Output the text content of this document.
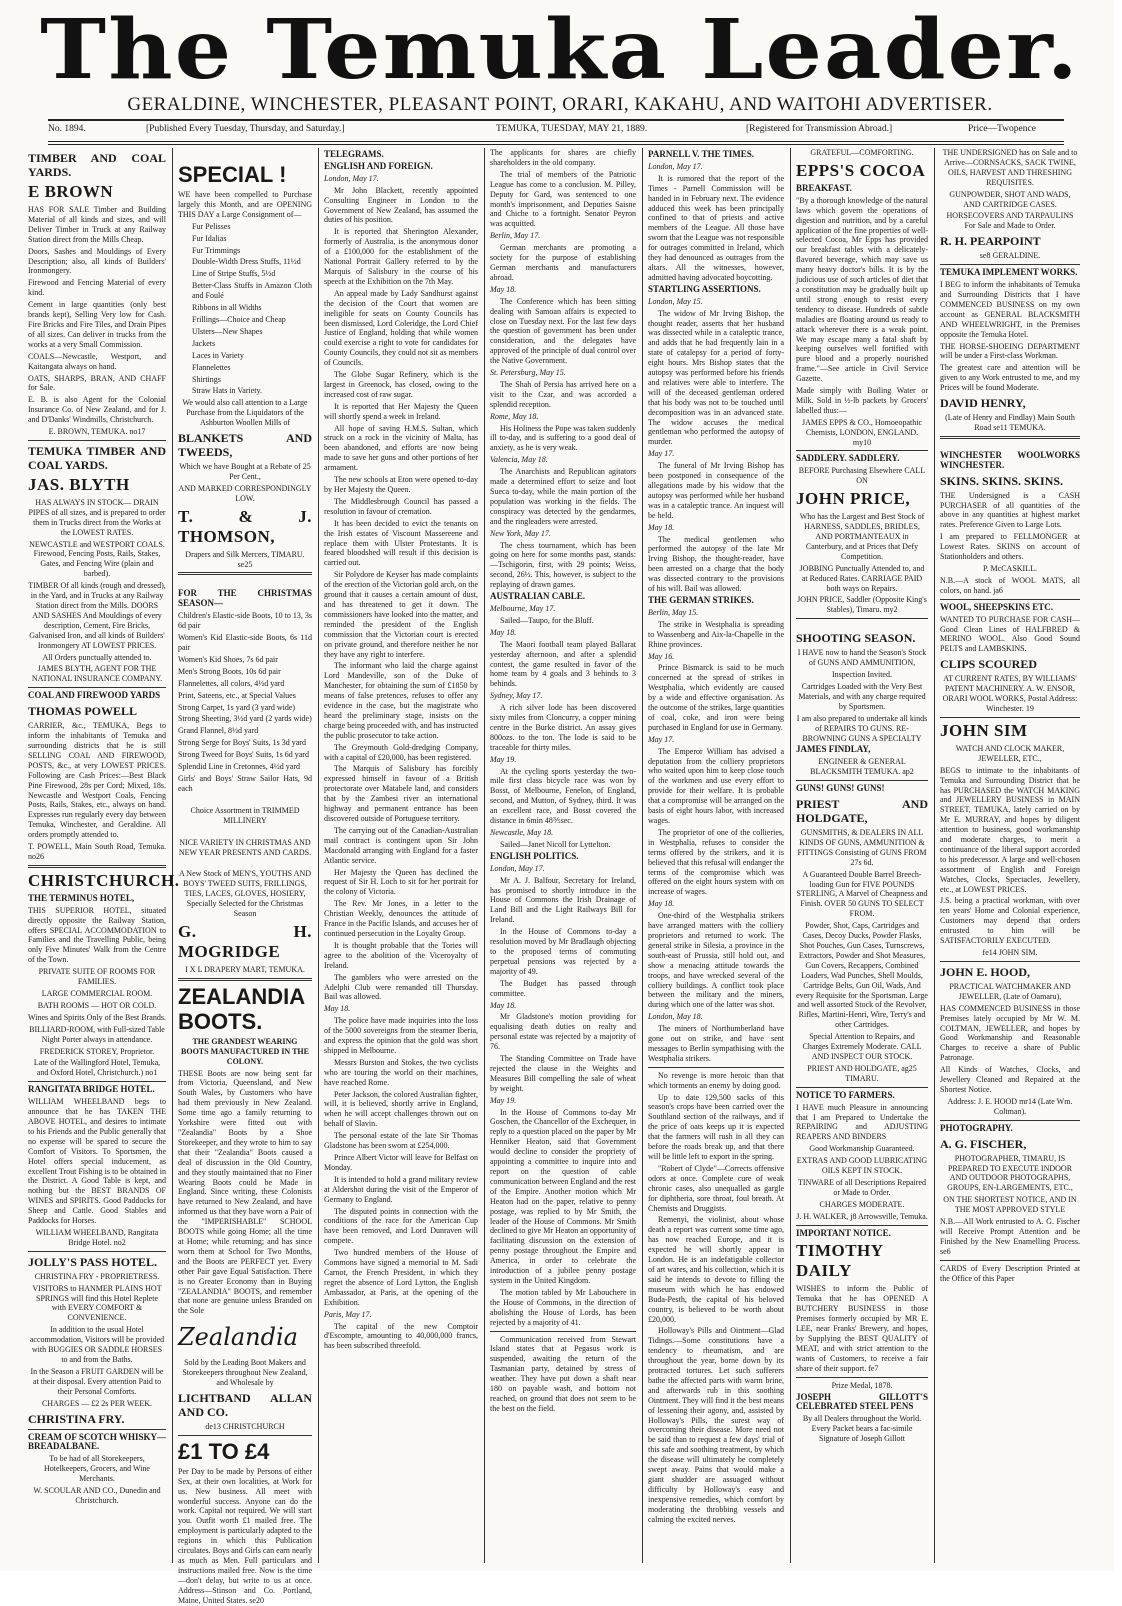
The Temuka Leader.
GERALDINE, WINCHESTER, PLEASANT POINT, ORARI, KAKAHU, AND WAITOHI ADVERTISER.
No. 1894.	[Published Every Tuesday, Thursday, and Saturday.]	TEMUKA, TUESDAY, MAY 21, 1889.	[Registered for Transmission Abroad.]	Price—Twopence

TIMBER AND COAL YARDS.

E BROWN

HAS FOR SALE Timber and Building Material of all kinds and sizes, and will Deliver Timber in Truck at any Railway Station direct from the Mills Cheap.

Doors, Sashes and Mouldings of Every Description; also, all kinds of Builders' Ironmongery.

Firewood and Fencing Material of every kind.

Cement in large quantities (only best brands kept), Selling Very low for Cash. Fire Bricks and Fire Tiles, and Drain Pipes of all sizes. Can deliver in trucks from the works at a very Small Commission.

COALS—Newcastle, Westport, and Kaitangata always on hand.

OATS, SHARPS, BRAN, AND CHAFF for Sale.

E. B. is also Agent for the Colonial Insurance Co. of New Zealand, and for J. and D'Danks' Windmills, Christchurch.

E. BROWN, TEMUKA. no17

TEMUKA TIMBER AND COAL YARDS.

JAS. BLYTH

HAS ALWAYS IN STOCK— DRAIN PIPES of all sizes, and is prepared to order them in Trucks direct from the Works at the LOWEST RATES.

NEWCASTLE and WESTPORT COALS. Firewood, Fencing Posts, Rails, Stakes, Gates, and Fencing Wire (plain and barbed).

TIMBER Of all kinds (rough and dressed), in the Yard, and in Trucks at any Railway Station direct from the Mills. DOORS AND SASHES And Mouldings of every description, Cement, Fire Bricks, Galvanised Iron, and all kinds of Builders' Ironmongery AT LOWEST PRICES.

All Orders punctually attended to.

JAMES BLYTH, AGENT FOR THE NATIONAL INSURANCE COMPANY.

COAL AND FIREWOOD YARDS

THOMAS POWELL

CARRIER, &c., TEMUKA, Begs to inform the inhabitants of Temuka and surrounding districts that he is still SELLING COAL AND FIREWOOD, POSTS, &c., at very LOWEST PRICES. Following are Cash Prices:—Best Black Pine Firewood, 28s per Cord; Mixed, 18s. Newcastle and Westport Coals, Fencing Posts, Rails, Stakes, etc., always on hand. Expresses run regularly every day between Temuka, Winchester, and Geraldine. All orders promptly attended to.

T. POWELL, Main South Road, Temuka. no26

CHRISTCHURCH.

THE TERMINUS HOTEL,

THIS SUPERIOR HOTEL, situated directly opposite the Railway Station, offers SPECIAL ACCOMMODATION to Families and the Travelling Public, being only Five Minutes' Walk from the Centre of the Town.

PRIVATE SUITE OF ROOMS FOR FAMILIES.

LARGE COMMERCIAL ROOM.

BATH ROOMS — HOT OR COLD.

Wines and Spirits Only of the Best Brands.

BILLIARD-ROOM, with Full-sized Table Night Porter always in attendance.

FREDERICK STOREY, Proprietor.

Late of the Wallingford Hotel, Temuka, and Oxford Hotel, Christchurch.) no1

RANGITATA BRIDGE HOTEL.

WILLIAM WHEELBAND begs to announce that he has TAKEN THE ABOVE HOTEL, and desires to intimate to his Friends and the Public generally that no expense will be spared to secure the Comfort of Visitors. To Sportsmen, the Hotel offers special inducement, as excellent Trout Fishing is to be obtained in the District. A Good Table is kept, and nothing but the BEST BRANDS OF WINES and SPIRITS. Good Paddocks for Sheep and Cattle. Good Stables and Paddocks for Horses.

WILLIAM WHEELBAND, Rangitata Bridge Hotel. no2

JOLLY'S PASS HOTEL.

CHRISTINA FRY - PROPRIETRESS.

VISITORS to HANMER PLAINS HOT SPRINGS will find this Hotel Replete with EVERY COMFORT & CONVENIENCE.

In addition to the usual Hotel accommodation, Visitors will be provided with BUGGIES OR SADDLE HORSES to and from the Baths.

In the Season a FRUIT GARDEN will be at their disposal. Every attention Paid to their Personal Comforts.

CHARGES — £2 2s PER WEEK.

CHRISTINA FRY.

CREAM OF SCOTCH WHISKY—BREADALBANE.

To be had of all Storekeepers, Hotelkeepers, Grocers, and Wine Merchants.

W. SCOULAR AND CO., Dunedin and Christchurch.

SPECIAL !

WE have been compelled to Purchase largely this Month, and are OPENING THIS DAY a Large Consignment of—

Fur Pelisses

Fur Idalias

Fur Trimmings

Double-Width Dress Stuffs, 11½d

Line of Stripe Stuffs, 5½d

Better-Class Stuffs in Amazon Cloth and Foulé

Ribbons in all Widths

Frillings—Choice and Cheap

Ulsters—New Shapes

Jackets

Laces in Variety

Flannelettes

Shirtings

Straw Hats in Variety.

We would also call attention to a Large Purchase from the Liquidators of the Ashburton Woollen Mills of

BLANKETS AND TWEEDS,

Which we have Bought at a Rebate of 25 Per Cent.,

AND MARKED CORRESPONDINGLY LOW.

T. & J. THOMSON,

Drapers and Silk Mercers, TIMARU. se25

FOR THE CHRISTMAS SEASON—

Children's Elastic-side Boots, 10 to 13, 3s 6d pair

Women's Kid Elastic-side Boots, 6s 11d pair

Women's Kid Shoes, 7s 6d pair

Men's Strong Boots, 10s 6d pair

Flannelettes, all colors, 4½d yard

Print, Sateens, etc., at Special Values

Strong Carpet, 1s yard (3 yard wide)

Strong Sheeting, 3½d yard (2 yards wide)

Grand Flannel, 8½d yard

Strong Serge for Boys' Suits, 1s 3d yard

Strong Tweed for Boys' Suits, 1s 6d yard

Splendid Line in Cretonnes, 4½d yard

Girls' and Boys' Straw Sailor Hats, 9d each

Choice Assortment in TRIMMED MILLINERY

NICE VARIETY IN CHRISTMAS AND NEW YEAR PRESENTS AND CARDS.

A New Stock of MEN'S, YOUTHS AND BOYS' TWEED SUITS, FRILLINGS, TIES, LACES, GLOVES, HOSIERY, Specially Selected for the Christmas Season

G. H. MOGRIDGE

I X L DRAPERY MART, TEMUKA.

ZEALANDIA BOOTS.

THE GRANDEST WEARING BOOTS MANUFACTURED IN THE COLONY.

THESE Boots are now being sent far from Victoria, Queensland, and New South Wales, by Customers who have had them previously in New Zealand. Some time ago a family returning to Yorkshire were fitted out with "Zealandia" Boots by a Shoe Storekeeper, and they wrote to him to say that their "Zealandia" Boots caused a deal of discussion in the Old Country, and they stoutly maintained that no Finer Wearing Boots could be Made in England. Since writing, these Colonists have returned to New Zealand, and have informed us that they have worn a Pair of the "IMPERISHABLE" SCHOOL BOOTS while going Home; all the time at Home; while returning; and has since worn them at School for Two Months, and the Boots are PERFECT yet. Every other Pair gave Equal Satisfaction. There is no Greater Economy than in Buying "ZEALANDIA" BOOTS, and remember that none are genuine unless Branded on the Sole

Zealandia

Sold by the Leading Boot Makers and Storekeepers throughout New Zealand, and Wholesale by

LICHTBAND ALLAN AND CO.

de13 CHRISTCHURCH

£1 TO £4

Per Day to be made by Persons of either Sex, at their own localities, at Work for us. New business. All meet with wonderful success. Anyone can do the work. Capital not required. We will start you. Outfit worth £1 mailed free. The employment is particularly adapted to the regions in which this Publication circulates. Boys and Girls can earn nearly as much as Men. Full particulars and instructions mailed free. Now is the time—don't delay, but write to us at once. Address—Stinson and Co. Portland, Maine, United States. se20

TELEGRAMS.

ENGLISH AND FOREIGN.

London, May 17.

Mr John Blackett, recently appointed Consulting Engineer in London to the Government of New Zealand, has assumed the duties of his position.

It is reported that Sherington Alexander, formerly of Australia, is the anonymous donor of a £100,000 for the establishment of the National Portrait Gallery referred to by the Marquis of Salisbury in the course of his speech at the Exhibition on the 7th May.

An appeal made by Lady Sandhurst against the decision of the Court that women are ineligible for seats on County Councils has been dismissed, Lord Coleridge, the Lord Chief Justice of England, holding that while women could exercise a right to vote for candidates for County Councils, they could not sit as members of Councils.

The Globe Sugar Refinery, which is the largest in Greenock, has closed, owing to the increased cost of raw sugar.

It is reported that Her Majesty the Queen will shortly spend a week in Ireland.

All hope of saving H.M.S. Sultan, which struck on a rock in the vicinity of Malta, has been abandoned, and efforts are now being made to save her guns and other portions of her armament.

The new schools at Eton were opened to-day by Her Majesty the Queen.

The Middlesbrough Council has passed a resolution in favour of cremation.

It has been decided to evict the tenants on the Irish estates of Viscount Massereene and replace them with Ulster Protestants. It is feared bloodshed will result if this decision is carried out.

Sir Polydore de Keyser has made complaints of the erection of the Victorian gold arch, on the ground that it causes a certain amount of dust, and has threatened to get it down. The commissioners have looked into the matter, and reminded the president of the English commission that the Victorian court is erected on private ground, and therefore neither he nor they have any right to interfere.

The informant who laid the charge against Lord Mandeville, son of the Duke of Manchester, for obtaining the sum of £1850 by means of false pretences, refuses to offer any evidence in the case, but the magistrate who heard the preliminary stage, insists on the charge being proceeded with, and has instructed the public prosecutor to take action.

The Greymouth Gold-dredging Company, with a capital of £20,000, has been registered.

The Marquis of Salisbury has forcibly expressed himself in favour of a British protectorate over Matabele land, and considers that by the Zambesi river an international highway and permanent entrance has been discovered outside of Portuguese territory.

The carrying out of the Canadian-Australian mail contract is contingent upon Sir John Macdonald arranging with England for a faster Atlantic service.

Her Majesty the Queen has declined the request of Sir H. Loch to sit for her portrait for the colony of Victoria.

The Rev. Mr Jones, in a letter to the Christian Weekly, denounces the attitude of France in the Pacific Islands, and accuses her of continued persecution in the Loyalty Group.

It is thought probable that the Tories will agree to the abolition of the Viceroyalty of Ireland.

The gamblers who were arrested on the Adelphi Club were remanded till Thursday. Bail was allowed.

May 18.

The police have made inquiries into the loss of the 5000 sovereigns from the steamer Iberia, and express the opinion that the gold was short shipped in Melbourne.

Messrs Burston and Stokes, the two cyclists who are touring the world on their machines, have reached Rome.

Peter Jackson, the colored Australian fighter, will, it is believed, shortly arrive in England, when he will accept challenges thrown out on behalf of Slavin.

The personal estate of the late Sir Thomas Gladstone has been sworn at £254,000.

Prince Albert Victor will leave for Belfast on Monday.

It is intended to hold a grand military review at Aldershot during the visit of the Emperor of Germany to England.

The disputed points in connection with the conditions of the race for the American Cup have been removed, and Lord Dunraven will compete.

Two hundred members of the House of Commons have signed a memorial to M. Sadi Carnot, the French President, in which they regret the absence of Lord Lytton, the English Ambassador, at Paris, at the opening of the Exhibition.

Paris, May 17.

The capital of the new Comptoir d'Escompte, amounting to 40,000,000 francs, has been subscribed threefold.

The applicants for shares are chiefly shareholders in the old company.

The trial of members of the Patriotic League has come to a conclusion. M. Pilley, Deputy for Gard, was sentenced to one month's imprisonment, and Deputies Saisne and Chiche to a fortnight. Senator Peyron was acquitted.

Berlin, May 17.

German merchants are promoting a society for the purpose of establishing German merchants and manufacturers abroad.

May 18.

The Conference which has been sitting dealing with Samoan affairs is expected to close on Tuesday next. For the last few days the question of government has been under consideration, and the delegates have approved of the principle of dual control over the Native Government.

St. Petersburg, May 15.

The Shah of Persia has arrived here on a visit to the Czar, and was accorded a splendid reception.

Rome, May 18.

His Holiness the Pope was taken suddenly ill to-day, and is suffering to a good deal of anxiety, as he is very weak.

Valencia, May 18.

The Anarchists and Republican agitators made a determined effort to seize and loot Sueca to-day, while the main portion of the population was working in the fields. The conspiracy was detected by the gendarmes, and the ringleaders were arrested.

New York, May 17.

The chess tournament, which has been going on here for some months past, stands:—Tschigorin, first, with 29 points; Weiss, second, 26½. This, however, is subject to the replaying of drawn games.

AUSTRALIAN CABLE.

Melbourne, May 17.

Sailed—Taupo, for the Bluff.

May 18.

The Maori football team played Ballarat yesterday afternoon, and after a splendid contest, the game resulted in favor of the home team by 4 goals and 3 behinds to 3 behinds.

Sydney, May 17.

A rich silver lode has been discovered sixty miles from Cloncurry, a copper mining centre in the Burke district. An assay gives 800ozs. to the ton. The lode is said to be traceable for thirty miles.

May 19.

At the cycling sports yesterday the two-mile first class bicycle race was won by Bosst, of Melbourne, Fenelon, of England, second, and Mutton, of Sydney, third. It was an excellent race, and Bosst covered the distance in 6min 48⅗sec.

Newcastle, May 18.

Sailed—Janet Nicoll for Lyttelton.

ENGLISH POLITICS.

London, May 17.

Mr A. J. Balfour, Secretary for Ireland, has promised to shortly introduce in the House of Commons the Irish Drainage of Land Bill and the Light Railways Bill for Ireland.

In the House of Commons to-day a resolution moved by Mr Bradlaugh objecting to the proposed terms of commuting perpetual pensions was rejected by a majority of 49.

The Budget has passed through committee.

May 18.

Mr Gladstone's motion providing for equalising death duties on realty and personal estate was rejected by a majority of 76.

The Standing Committee on Trade have rejected the clause in the Weights and Measures Bill compelling the sale of wheat by weight.

May 19.

In the House of Commons to-day Mr Goschen, the Chancellor of the Exchequer, in reply to a question placed on the paper by Mr Henniker Heaton, said that Government would decline to consider the propriety of appointing a committee to inquire into and report on the question of cable communication between England and the rest of the Empire. Another motion which Mr Heaton had on the paper, relative to penny postage, was replied to by Mr Smith, the leader of the House of Commons. Mr Smith declined to give Mr Heaton an opportunity of facilitating discussion on the extension of penny postage throughout the Empire and America, in order to celebrate the introduction of a jubilee penny postage system in the United Kingdom.

The motion tabled by Mr Labouchere in the House of Commons, in the direction of abolishing the House of Lords, has been rejected by a majority of 41.

Communication received from Stewart Island states that at Pegasus work is suspended, awaiting the return of the Tasmanian party, detained by stress of weather. They have put down a shaft near 180 on payable wash, and bottom not reached, on ground that does not seem to be the best on the field.

PARNELL V. THE TIMES.

London, May 17.

It is rumored that the report of the Times - Parnell Commission will be handed in in February next. The evidence adduced this week has been principally confined to that of priests and active members of the League. All those have sworn that the League was not responsible for outrages committed in Ireland, which they had denounced as outrages from the altars. All the witnesses, however, admitted having advocated boycotting.

STARTLING ASSERTIONS.

London, May 15.

The widow of Mr Irving Bishop, the thought reader, asserts that her husband was dissected while in a cataleptic trance, and adds that he had frequently lain in a state of catalepsy for a period of forty-eight hours. Mrs Bishop states that the autopsy was performed before his friends and relatives were able to interfere. The will of the deceased gentleman ordered that his body was not to be touched until decomposition was in an advanced state. The widow accuses the medical gentleman who performed the autopsy of murder.

May 17.

The funeral of Mr Irving Bishop has been postponed in consequence of the allegations made by his widow that the autopsy was performed while her husband was in a cataleptic trance. An inquest will be held.

May 18.

The medical gentlemen who performed the autopsy of the late Mr Irving Bishop, the thought-reader, have been arrested on a charge that the body was dissected contrary to the provisions of his will. Bail was allowed.

THE GERMAN STRIKES.

Berlin, May 15.

The strike in Westphalia is spreading to Wassenberg and Aix-la-Chapelle in the Rhine provinces.

May 16.

Prince Bismarck is said to be much concerned at the spread of strikes in Westphalia, which evidently are caused by a wide and effective organisation. As the outcome of the strikes, large quantities of coal, coke, and iron were being purchased in England for use in Germany.

May 17.

The Emperor William has advised a deputation from the colliery proprietors who waited upon him to keep close touch of the workmen and use every effort to provide for their welfare. It is probable that a compromise will be arranged on the basis of eight hours labor, with increased wages.

The proprietor of one of the collieries, in Westphalia, refuses to consider the terms offered by the strikers, and it is believed that this refusal will endanger the terms of the compromise which was offered on the eight hours system with on increase of wages.

May 18.

One-third of the Westphalia strikers have arranged matters with the colliery proprietors and returned to work. The general strike in Silesia, a province in the south-east of Prussia, still hold out, and show a menacing attitude towards the troops, and have wrecked several of the colliery buildings. A conflict took place between the military and the miners, during which one of the latter was shot.

London, May 18.

The miners of Northumberland have gone out on strike, and have sent messages to Berlin sympathising with the Westphalia strikers.

No revenge is more heroic than that which torments an enemy by doing good.

Up to date 129,500 sacks of this season's crops have been carried over the Southland section of the railways, and if the price of oats keeps up it is expected that the farmers will rush in all they can before the roads break up, and that there will be little left to export in the spring.

"Robert of Clyde"—Corrects offensive odors at once. Complete cure of weak chronic cases, also unequalled as gargle for diphtheria, sore throat, foul breath. At Chemists and Druggists.

Remenyi, the violinist, about whose death a report was current some time ago, has now reached Europe, and it is expected he will shortly appear in London. He is an indefatigable collector of art wares, and his collection, which it is said he intends to devote to filling the museum with which he has endowed Buda-Pesth, the capital of his beloved country, is believed to be worth about £20,000.

Holloway's Pills and Ointment—Glad Tidings.—Some constitutions have a tendency to rheumatism, and are throughout the year, borne down by its protracted tortures. Let such sufferers bathe the affected parts with warm brine, and afterwards rub in this soothing Ointment. They will find it the best means of lessening their agony, and, assisted by Holloway's Pills, the surest way of overcoming their disease. More need not be said than to request a few days' trial of this safe and soothing treatment, by which the disease will ultimately be completely swept away. Pains that would make a giant shudder are assuaged without difficulty by Holloway's easy and inexpensive remedies, which comfort by moderating the throbbing vessels and calming the excited nerves.

GRATEFUL—COMFORTING.

EPPS'S COCOA

BREAKFAST.

"By a thorough knowledge of the natural laws which govern the operations of digestion and nutrition, and by a careful application of the fine properties of well-selected Cocoa, Mr Epps has provided our breakfast tables with a delicately-flavored beverage, which may save us many heavy doctor's bills. It is by the judicious use of such articles of diet that a constitution may be gradually built up until strong enough to resist every tendency to disease. Hundreds of subtle maladies are floating around us ready to attack wherever there is a weak point. We may escape many a fatal shaft by keeping ourselves well fortified with pure blood and a properly nourished frame."—See article in Civil Service Gazette.

Made simply with Boiling Water or Milk. Sold in ½-lb packets by Grocers' labelled thus:—

JAMES EPPS & CO., Homoeopathic Chemists, LONDON, ENGLAND. my10

SADDLERY. SADDLERY.

BEFORE Purchasing Elsewhere CALL ON

JOHN PRICE,

Who has the Largest and Best Stock of HARNESS, SADDLES, BRIDLES, AND PORTMANTEAUX in Canterbury, and at Prices that Defy Competition.

JOBBING Punctually Attended to, and at Reduced Rates. CARRIAGE PAID both ways on Repairs.

JOHN PRICE, Saddler (Opposite King's Stables), Timaru. my2

SHOOTING SEASON.

I HAVE now to hand the Season's Stock of GUNS AND AMMUNITION,

Inspection Invited.

Cartridges Loaded with the Very Best Materials, and with any charge required by Sportsmen.

I am also prepared to undertake all kinds of REPAIRS TO GUNS. RE-BROWNING GUNS A SPECIALTY

JAMES FINDLAY,

ENGINEER & GENERAL BLACKSMITH TEMUKA. ap2

GUNS! GUNS! GUNS!

PRIEST AND HOLDGATE,

GUNSMITHS, & DEALERS IN ALL KINDS OF GUNS, AMMUNITION & FITTINGS Consisting of GUNS FROM 27s 6d.

A Guaranteed Double Barrel Breech-loading Gun for FIVE POUNDS STERLING, A Marvel of Cheapness and Finish. OVER 50 GUNS TO SELECT FROM.

Powder, Shot, Caps, Cartridges and Cases, Decoy Ducks, Powder Flasks, Shot Pouches, Gun Cases, Turnscrews, Extractors, Powder and Shot Measures, Gun Covers, Recappers, Combined Loaders, Wad Punches, Shell Moulds, Cartridge Belts, Gun Oil, Wads, And every Requisite for the Sportsman. Large and well assorted Stock of the Revolver, Rifles, Martini-Henri, Wire, Terry's and other Cartridges.

Special Attention to Repairs, and Charges Extremely Moderate. CALL AND INSPECT OUR STOCK.

PRIEST AND HOLDGATE, ag25 TIMARU.

NOTICE TO FARMERS.

I HAVE much Pleasure in announcing that I am Prepared to Undertake the REPAIRING and ADJUSTING REAPERS AND BINDERS

Good Workmanship Guaranteed.

EXTRAS AND GOOD LUBRICATING OILS KEPT IN STOCK.

TINWARE of all Descriptions Repaired or Made to Order.

CHARGES MODERATE.

J. H. WALKER, j8 Arrowsville, Temuka.

IMPORTANT NOTICE.

TIMOTHY DAILY

WISHES to inform the Public of Temuka that he has OPENED A BUTCHERY BUSINESS in those Premises formerly occupied by MR E. LEE, near Franks' Brewery, and hopes, by Supplying the BEST QUALITY of MEAT, and with strict attention to the wants of Customers, to receive a fair share of their support. fe7

Prize Medal, 1878.

JOSEPH GILLOTT'S CELEBRATED STEEL PENS

By all Dealers throughout the World. Every Packet bears a fac-simile Signature of Joseph Gillott

THE UNDERSIGNED has on Sale and to Arrive—CORNSACKS, SACK TWINE, OILS, HARVEST AND THRESHING REQUISITES.

GUNPOWDER, SHOT AND WADS, AND CARTRIDGE CASES.

HORSECOVERS AND TARPAULINS For Sale and Made to Order.

R. H. PEARPOINT

se8 GERALDINE.

TEMUKA IMPLEMENT WORKS.

I BEG to inform the inhabitants of Temuka and Surrounding Districts that I have COMMENCED BUSINESS on my own account as GENERAL BLACKSMITH AND WHEELWRIGHT, in the Premises opposite the Temuka Hotel.

THE HORSE-SHOEING DEPARTMENT will be under a First-class Workman.

The greatest care and attention will be given to any Work entrusted to me, and my Prices will be found Moderate.

DAVID HENRY,

(Late of Henry and Findlay) Main South Road se11 TEMUKA.

WINCHESTER WOOLWORKS WINCHESTER.

SKINS. SKINS. SKINS.

THE Undersigned is a CASH PURCHASER of all quantities of the above in any quantities at highest market rates. Preference Given to Large Lots.

I am prepared to FELLMONGER at Lowest Rates. SKINS on account of Stationholders and others.

P. McCASKILL.

N.B.—A stock of WOOL MATS, all colors, on hand. ja6

WOOL, SHEEPSKINS ETC.

WANTED TO PURCHASE FOR CASH—Good Clean Lines of HALFBRED & MERINO WOOL. Also Good Sound PELTS and LAMBSKINS.

CLIPS SCOURED

AT CURRENT RATES, BY WILLIAMS' PATENT MACHINERY. A. W. ENSOR, ORARI WOOL WORKS, Postal Address: Winchester. 19

JOHN SIM

WATCH AND CLOCK MAKER, JEWELLER, ETC.,

BEGS to intimate to the inhabitants of Temuka and Surrounding District that he has PURCHASED the WATCH MAKING and JEWELLERY BUSINESS in MAIN STREET, TEMUKA, lately carried on by Mr E. MURRAY, and hopes by diligent attention to business, good workmanship and moderate charges, to merit a continuance of the liberal support accorded to his predecessor. A large and well-chosen assortment of English and Foreign Watches, Clocks, Spectacles, Jewellery, etc., at LOWEST PRICES.

J.S. being a practical workman, with over ten years' Home and Colonial experience, Customers may depend that orders entrusted to him will be SATISFACTORILY EXECUTED.

fe14 JOHN SIM.

JOHN E. HOOD,

PRACTICAL WATCHMAKER AND JEWELLER, (Late of Oamaru),

HAS COMMENCED BUSINESS in those Premises lately occupied by Mr W. M. COLTMAN, JEWELLER, and hopes by Good Workmanship and Reasonable Charges to receive a share of Public Patronage.

All Kinds of Watches, Clocks, and Jewellery Cleaned and Repaired at the Shortest Notice.

Address: J. E. HOOD mr14 (Late Wm. Coltman).

PHOTOGRAPHY.

A. G. FISCHER,

PHOTOGRAPHER, TIMARU, IS PREPARED TO EXECUTE INDOOR AND OUTDOOR PHOTOGRAPHS, GROUPS, EN-LARGEMENTS, ETC.,

ON THE SHORTEST NOTICE, AND IN THE MOST APPROVED STYLE

N.B.—All Work entrusted to A. G. Fischer will Receive Prompt Attention and be Finished by the New Enamelling Process. se6

CARDS of Every Description Printed at the Office of this Paper
